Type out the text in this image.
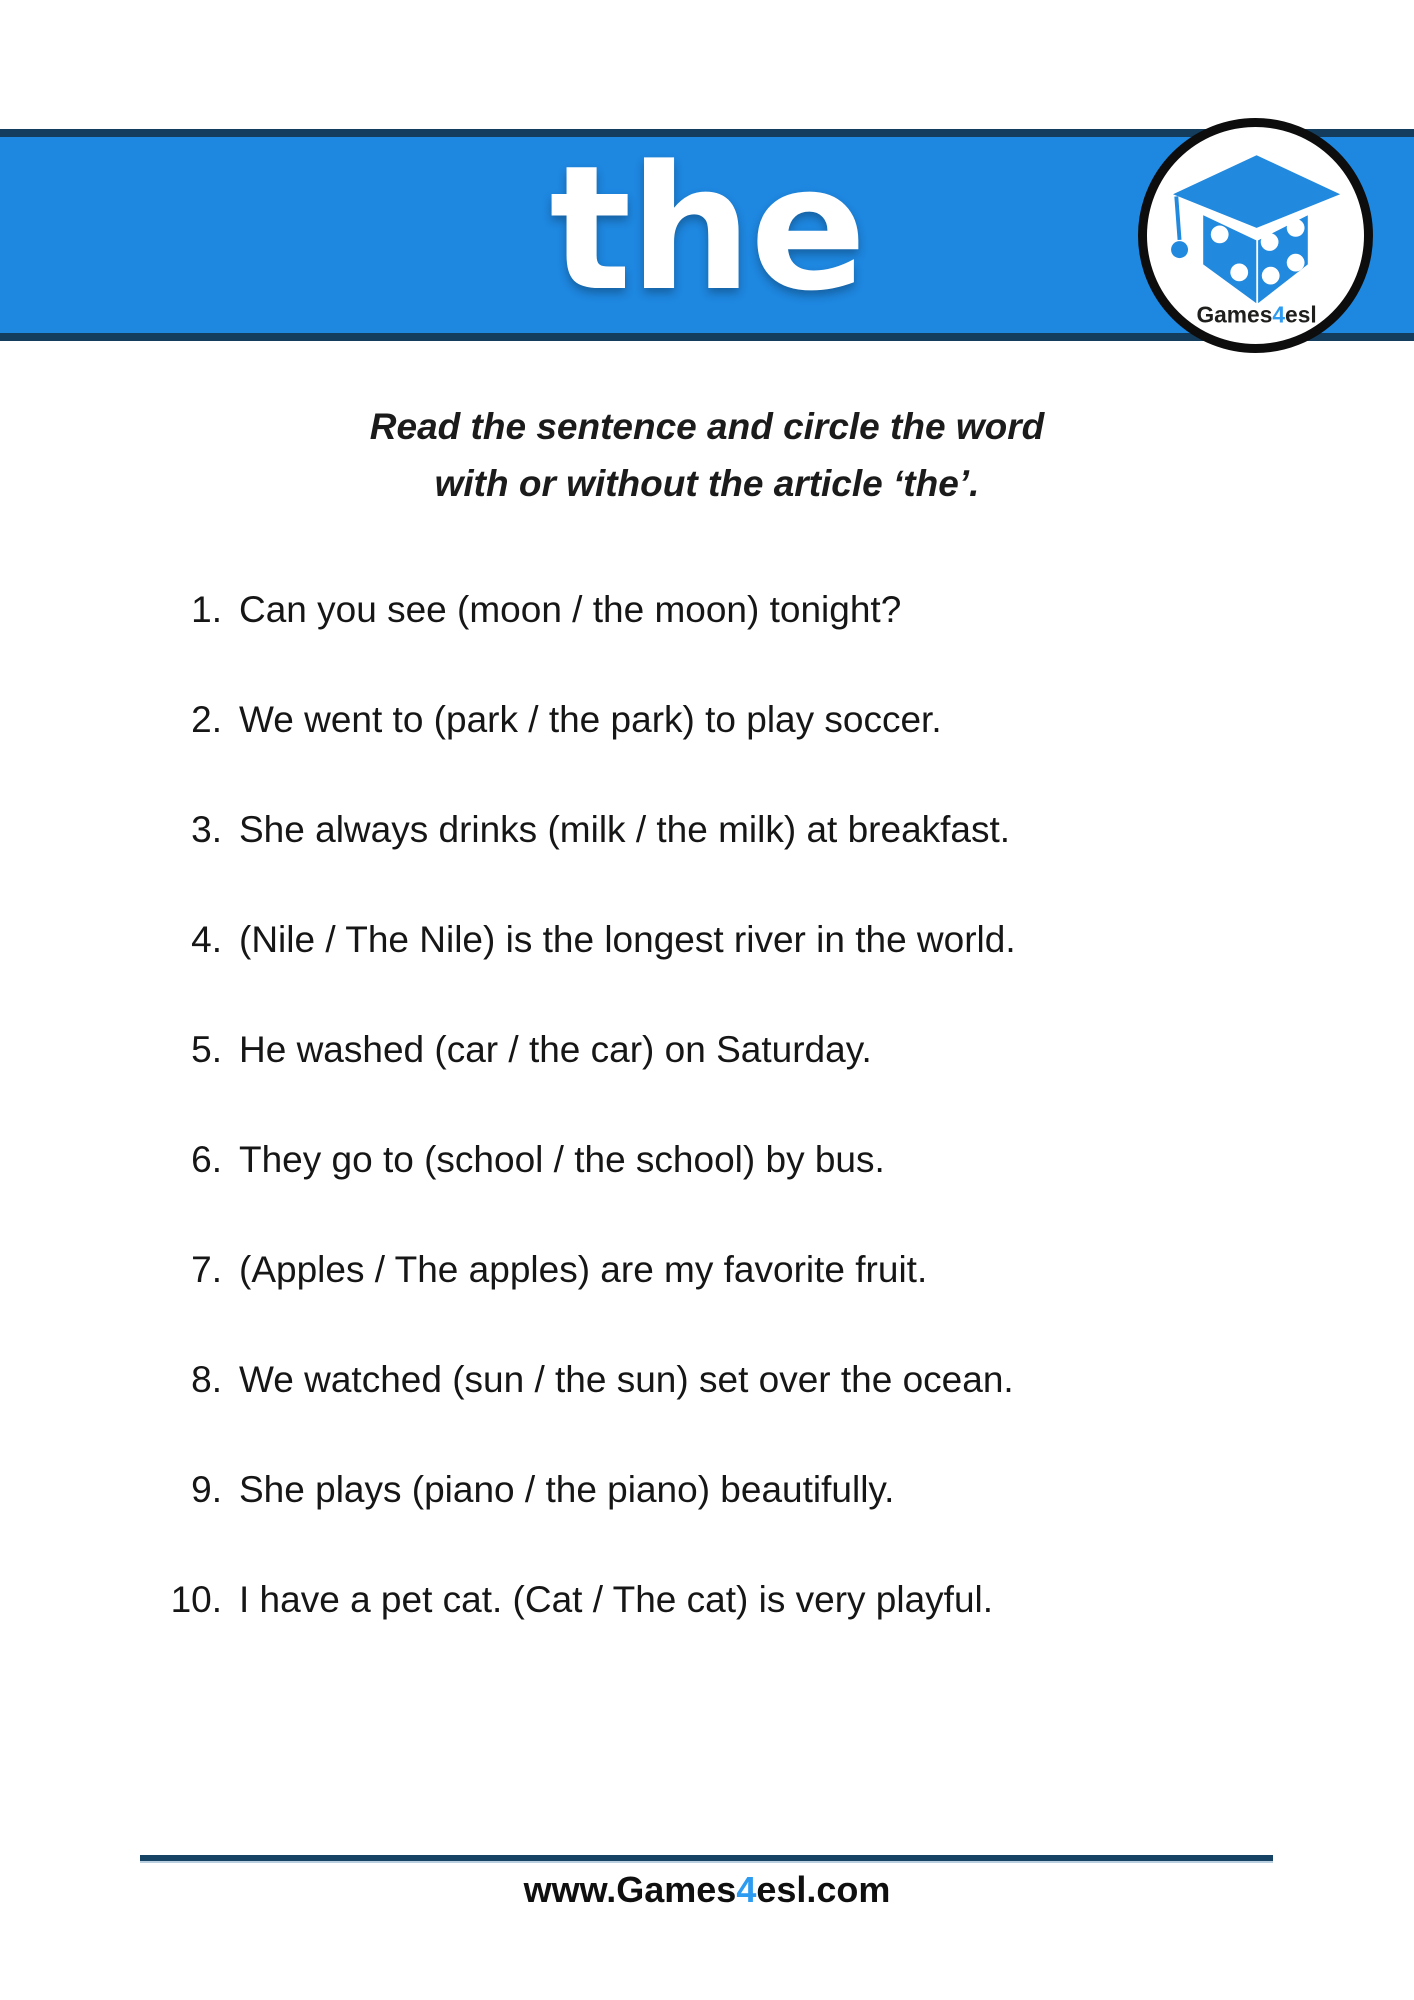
the	Games4esl
Read the sentence and circle the word
with or without the article ‘the’.
1. Can you see (moon / the moon) tonight?
2. We went to (park / the park) to play soccer.
3. She always drinks (milk / the milk) at breakfast.
4. (Nile / The Nile) is the longest river in the world.
5. He washed (car / the car) on Saturday.
6. They go to (school / the school) by bus.
7. (Apples / The apples) are my favorite fruit.
8. We watched (sun / the sun) set over the ocean.
9. She plays (piano / the piano) beautifully.
10. I have a pet cat. (Cat / The cat) is very playful.
www.Games4esl.com
